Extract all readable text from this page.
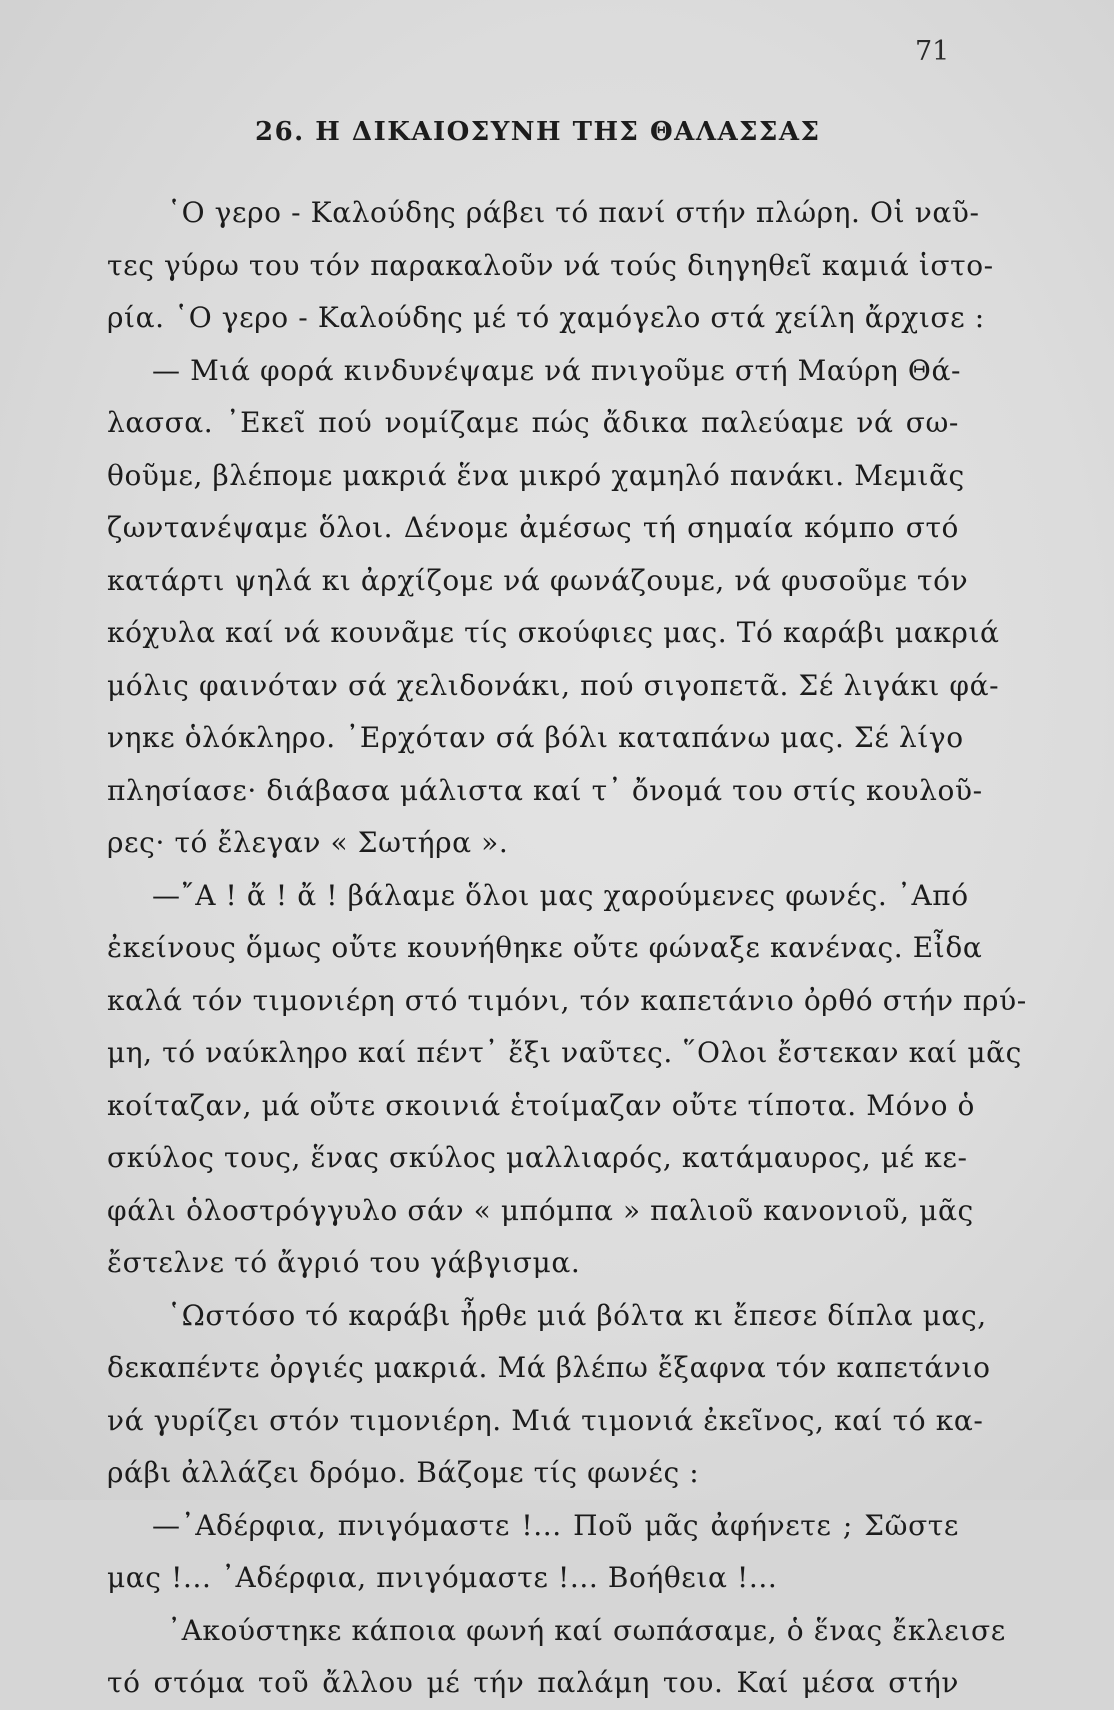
71
26. Η ΔΙΚΑΙΟΣΥΝΗ ΤΗΣ ΘΑΛΑΣΣΑΣ
῾Ο γερο - Καλούδης ράβει τό πανί στήν πλώρη. Οἱ ναῦ-
τες γύρω του τόν παρακαλοῦν νά τούς διηγηθεῖ καμιά ἱστο-
ρία. ῾Ο γερο - Καλούδης μέ τό χαμόγελο στά χείλη ἄρχισε :
— Μιά φορά κινδυνέψαμε νά πνιγοῦμε στή Μαύρη Θά-
λασσα. ᾿Εκεῖ πού νομίζαμε πώς ἄδικα παλεύαμε νά σω-
θοῦμε, βλέπομε μακριά ἕνα μικρό χαμηλό πανάκι. Μεμιᾶς
ζωντανέψαμε ὅλοι. Δένομε ἀμέσως τή σημαία κόμπο στό
κατάρτι ψηλά κι ἀρχίζομε νά φωνάζουμε, νά φυσοῦμε τόν
κόχυλα καί νά κουνᾶμε τίς σκούφιες μας. Τό καράβι μακριά
μόλις φαινόταν σά χελιδονάκι, πού σιγοπετᾶ. Σέ λιγάκι φά-
νηκε ὁλόκληρο. ᾿Ερχόταν σά βόλι καταπάνω μας. Σέ λίγο
πλησίασε· διάβασα μάλιστα καί τ᾿ ὄνομά του στίς κουλοῦ-
ρες· τό ἔλεγαν « Σωτήρα ».
—῎Α ! ἄ ! ἄ ! βάλαμε ὅλοι μας χαρούμενες φωνές. ᾿Από
ἐκείνους ὅμως οὔτε κουνήθηκε οὔτε φώναξε κανένας. Εἶδα
καλά τόν τιμονιέρη στό τιμόνι, τόν καπετάνιο ὀρθό στήν πρύ-
μη, τό ναύκληρο καί πέντ᾿ ἔξι ναῦτες. ῞Ολοι ἔστεκαν καί μᾶς
κοίταζαν, μά οὔτε σκοινιά ἑτοίμαζαν οὔτε τίποτα. Μόνο ὁ
σκύλος τους, ἕνας σκύλος μαλλιαρός, κατάμαυρος, μέ κε-
φάλι ὁλοστρόγγυλο σάν « μπόμπα » παλιοῦ κανονιοῦ, μᾶς
ἔστελνε τό ἄγριό του γάβγισμα.
῾Ωστόσο τό καράβι ἦρθε μιά βόλτα κι ἔπεσε δίπλα μας,
δεκαπέντε ὀργιές μακριά. Μά βλέπω ἔξαφνα τόν καπετάνιο
νά γυρίζει στόν τιμονιέρη. Μιά τιμονιά ἐκεῖνος, καί τό κα-
ράβι ἀλλάζει δρόμο. Βάζομε τίς φωνές :
—᾿Αδέρφια, πνιγόμαστε !... Ποῦ μᾶς ἀφήνετε ; Σῶστε
μας !... ᾿Αδέρφια, πνιγόμαστε !... Βοήθεια !...
᾿Ακούστηκε κάποια φωνή καί σωπάσαμε, ὁ ἕνας ἔκλεισε
τό στόμα τοῦ ἄλλου μέ τήν παλάμη του. Καί μέσα στήν
